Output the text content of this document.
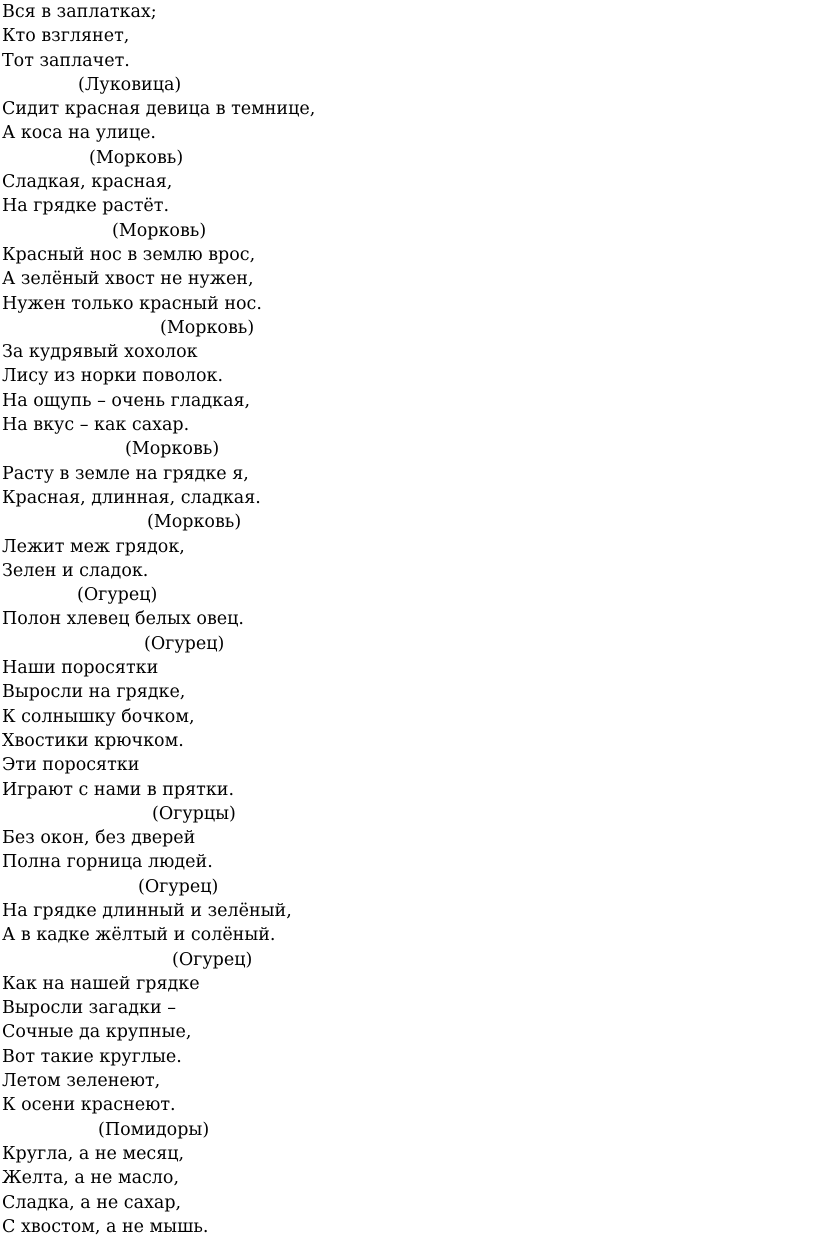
Вся в заплатках;
Кто взглянет,
Тот заплачет.
(Луковица)
Сидит красная девица в темнице,
А коса на улице.
(Морковь)
Сладкая, красная,
На грядке растёт.
(Морковь)
Красный нос в землю врос,
А зелёный хвост не нужен,
Нужен только красный нос.
(Морковь)
За кудрявый хохолок
Лису из норки поволок.
На ощупь – очень гладкая,
На вкус – как сахар.
(Морковь)
Расту в земле на грядке я,
Красная, длинная, сладкая.
(Морковь)
Лежит меж грядок,
Зелен и сладок.
(Огурец)
Полон хлевец белых овец.
(Огурец)
Наши поросятки
Выросли на грядке,
К солнышку бочком,
Хвостики крючком.
Эти поросятки
Играют с нами в прятки.
(Огурцы)
Без окон, без дверей
Полна горница людей.
(Огурец)
На грядке длинный и зелёный,
А в кадке жёлтый и солёный.
(Огурец)
Как на нашей грядке
Выросли загадки –
Сочные да крупные,
Вот такие круглые.
Летом зеленеют,
К осени краснеют.
(Помидоры)
Кругла, а не месяц,
Желта, а не масло,
Сладка, а не сахар,
С хвостом, а не мышь.
